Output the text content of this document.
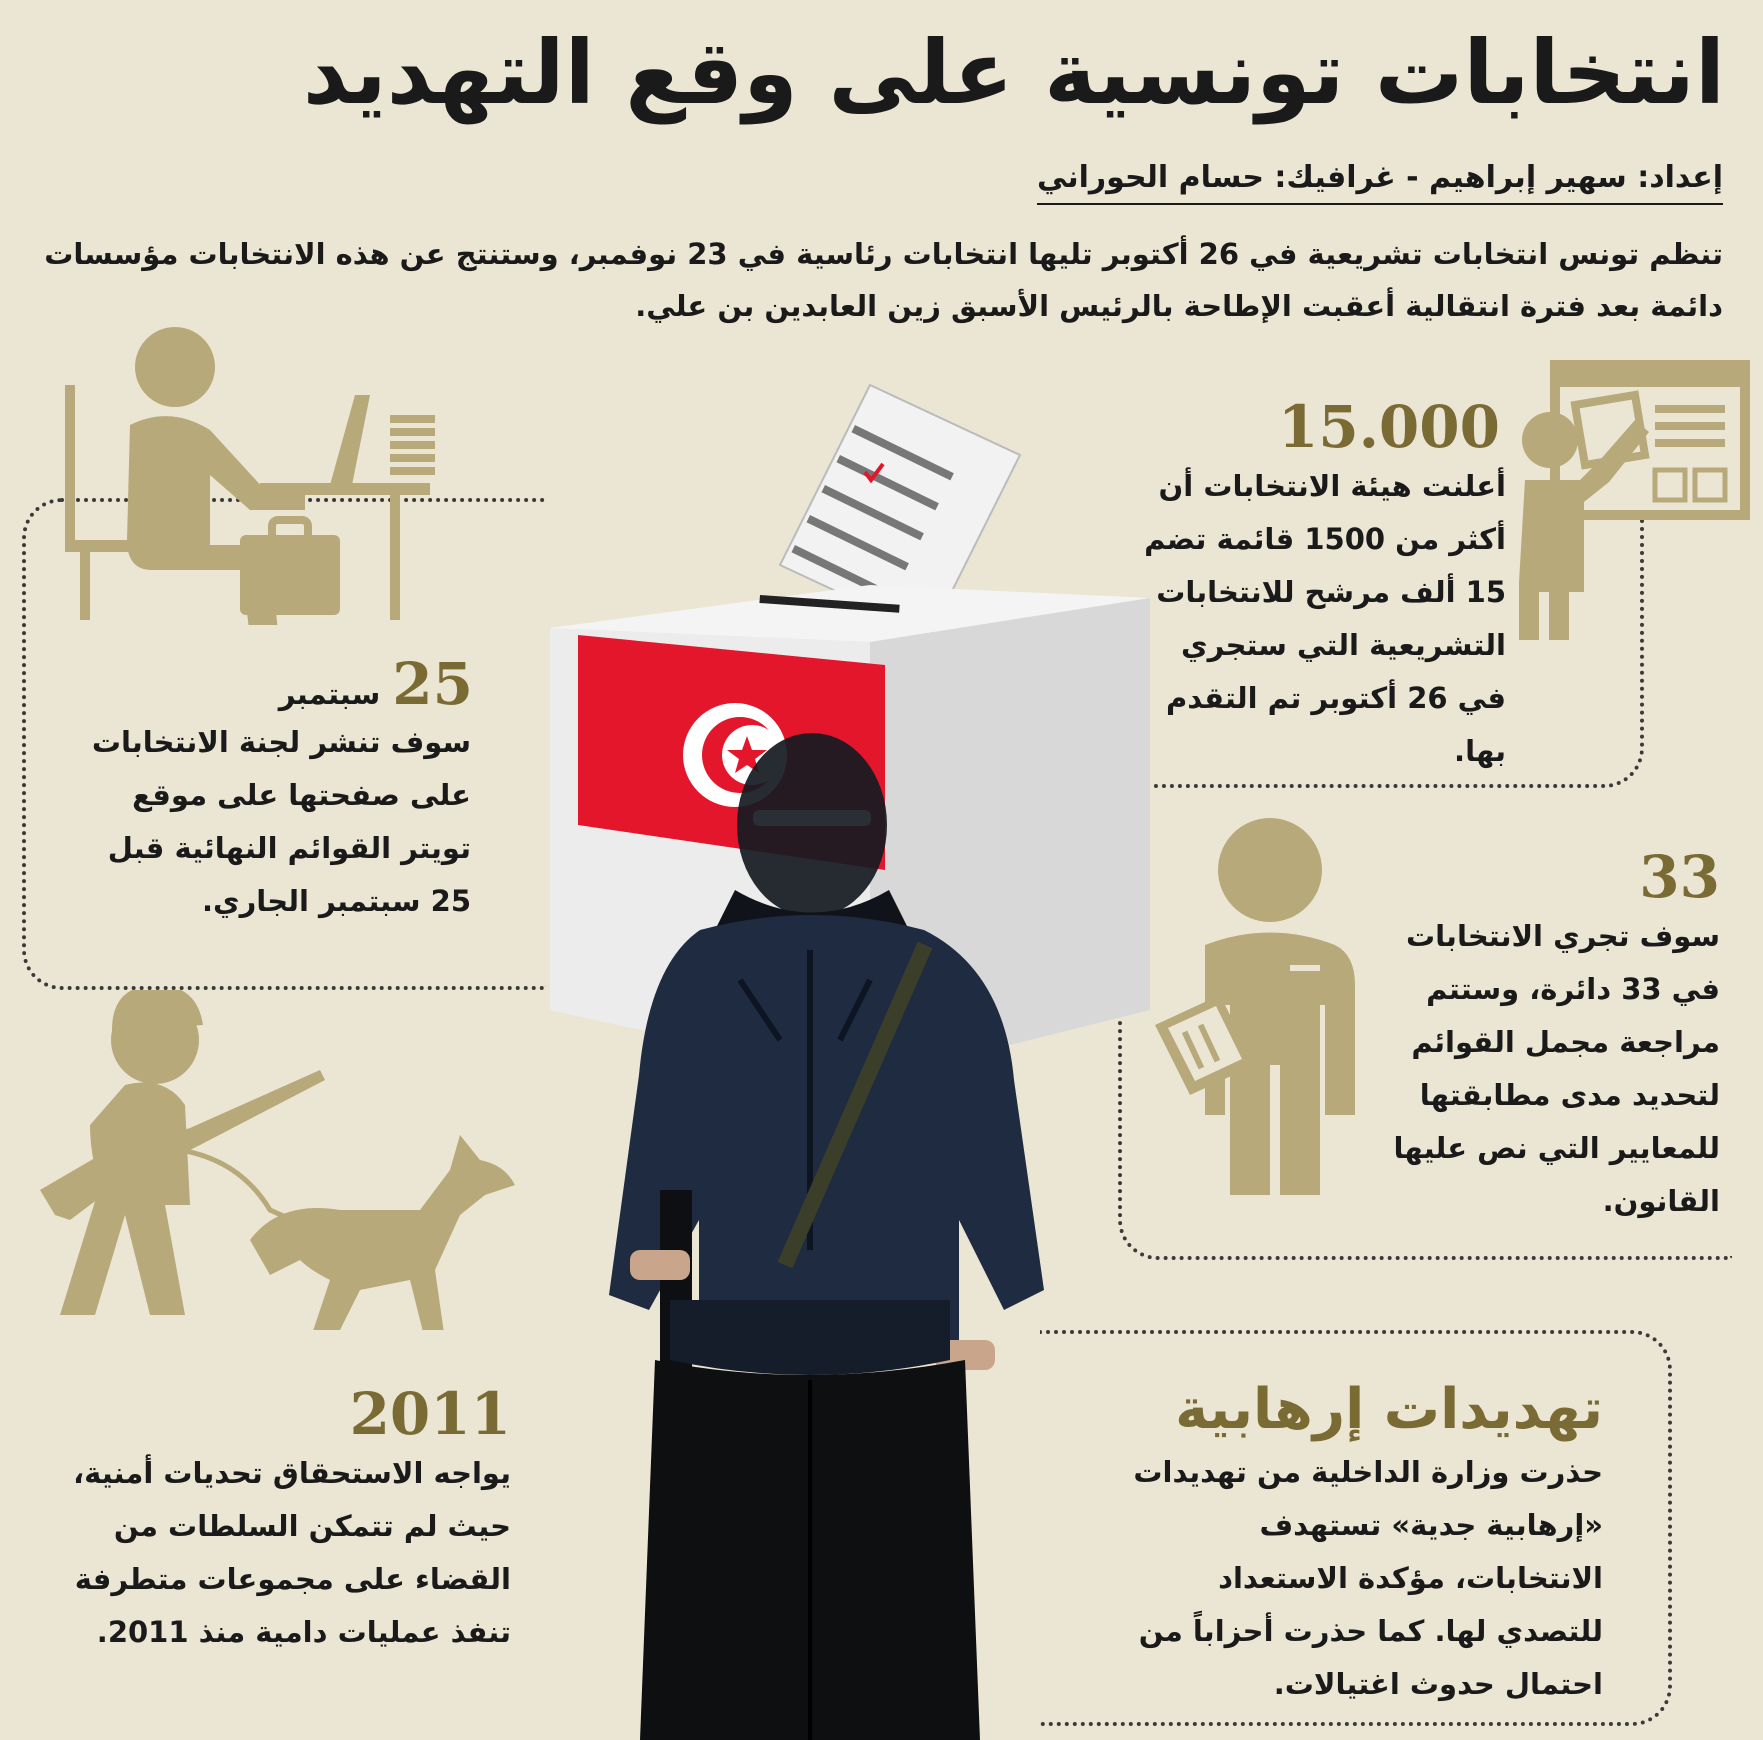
انتخابات تونسية على وقع التهديد
إعداد: سهير إبراهيم - غرافيك: حسام الحوراني
تنظم تونس انتخابات تشريعية في 26 أكتوبر تليها انتخابات رئاسية في 23 نوفمبر، وستنتج عن هذه الانتخابات مؤسسات دائمة بعد فترة انتقالية أعقبت الإطاحة بالرئيس الأسبق زين العابدين بن علي.
15.000
أعلنت هيئة الانتخابات أن أكثر من 1500 قائمة تضم 15 ألف مرشح للانتخابات التشريعية التي ستجري في 26 أكتوبر تم التقدم بها.
25
سبتمبر
سوف تنشر لجنة الانتخابات على صفحتها على موقع تويتر القوائم النهائية قبل 25 سبتمبر الجاري.	33
سوف تجري الانتخابات في 33 دائرة، وستتم مراجعة مجمل القوائم لتحديد مدى مطابقتها للمعايير التي نص عليها القانون.
2011
يواجه الاستحقاق تحديات أمنية، حيث لم تتمكن السلطات من القضاء على مجموعات متطرفة تنفذ عمليات دامية منذ 2011.
تهديدات إرهابية
حذرت وزارة الداخلية من تهديدات «إرهابية جدية» تستهدف الانتخابات، مؤكدة الاستعداد للتصدي لها. كما حذرت أحزاباً من احتمال حدوث اغتيالات.
